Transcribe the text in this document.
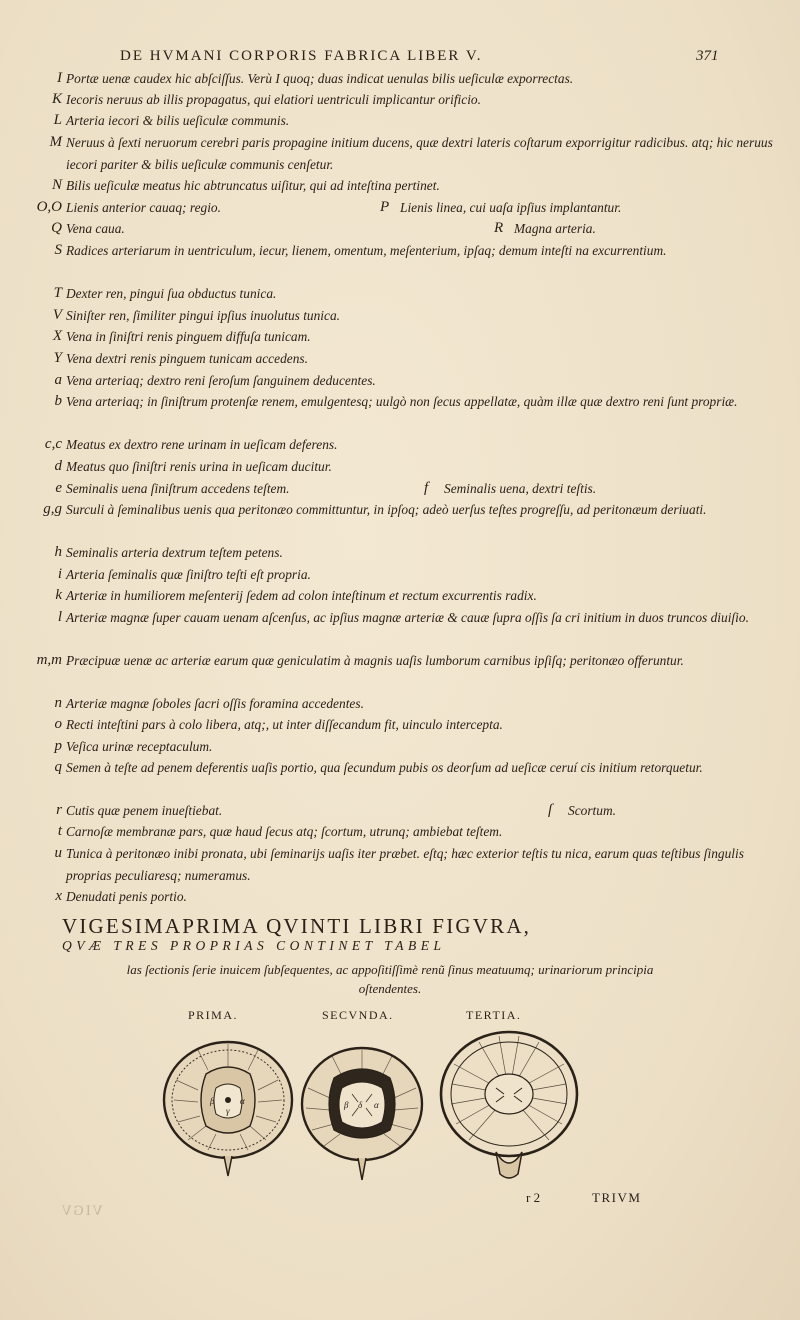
DE HVMANI CORPORIS FABRICA LIBER V.	371
I Portæ uenæ caudex hic abſciſſus. Verù I quoq; duas indicat uenulas bilis ueſiculæ exporrectas.
K Iecoris neruus ab illis propagatus, qui elatiori uentriculi implicantur orificio.
L Arteria iecori & bilis ueſiculæ communis.
M Neruus à ſexti neruorum cerebri paris propagine initium ducens, quæ dextri lateris coſtarum exporrigitur radicibus. atq; hic neruus iecori pariter & bilis ueſiculæ communis cenſetur.
N Bilis ueſiculæ meatus hic abtruncatus uiſitur, qui ad inteſtina pertinet.
O,O Lienis anterior cauaq; regio.	P Lienis linea, cui uaſa ipſius implantantur.
Q Vena caua.	R Magna arteria.
S Radices arteriarum in uentriculum, iecur, lienem, omentum, meſenterium, ipſaq; demum inteſti na excurrentium.
T Dexter ren, pingui ſua obductus tunica.
V Siniſter ren, ſimiliter pingui ipſius inuolutus tunica.
X Vena in ſiniſtri renis pinguem diffuſa tunicam.
Y Vena dextri renis pinguem tunicam accedens.
a Vena arteriaq; dextro reni ſeroſum ſanguinem deducentes.
b Vena arteriaq; in ſiniſtrum protenſæ renem, emulgentesq; uulgò non ſecus appellatæ, quàm illæ quæ dextro reni ſunt propriæ.
c,c Meatus ex dextro rene urinam in ueſicam deferens.
d Meatus quo ſiniſtri renis urina in ueſicam ducitur.
e Seminalis uena ſiniſtrum accedens teſtem.	f Seminalis uena, dextri teſtis.
g,g Surculi à ſeminalibus uenis qua peritonæo committuntur, in ipſoq; adeò uerſus teſtes progreſſu, ad peritonæum deriuati.
h Seminalis arteria dextrum teſtem petens.
i Arteria ſeminalis quæ ſiniſtro teſti eſt propria.
k Arteriæ in humiliorem meſenterij ſedem ad colon inteſtinum et rectum excurrentis radix.
l Arteriæ magnæ ſuper cauam uenam aſcenſus, ac ipſius magnæ arteriæ & cauæ ſupra oſſis ſa cri initium in duos truncos diuiſio.
m,m Præcipuæ uenæ ac arteriæ earum quæ geniculatim à magnis uaſis lumborum carnibus ipſiſq; peritonæo offeruntur.
n Arteriæ magnæ ſoboles ſacri oſſis foramina accedentes.
o Recti inteſtini pars à colo libera, atq;, ut inter diſſecandum fit, uinculo intercepta.
p Veſica urinæ receptaculum.
q Semen à teſte ad penem deferentis uaſis portio, qua ſecundum pubis os deorſum ad ueſicæ ceruí cis initium retorquetur.
r Cutis quæ penem inueſtiebat.	ſ Scortum.
t Carnoſæ membranæ pars, quæ haud ſecus atq; ſcortum, utrunq; ambiebat teſtem.
u Tunica à peritonæo inibi pronata, ubi ſeminarijs uaſis iter præbet. eſtq; hæc exterior teſtis tu nica, earum quas teſtibus ſingulis proprias peculiaresq; numeramus.
x Denudati penis portio.
VIGESIMAPRIMA QVINTI LIBRI FIGVRA,
QVÆ TRES PROPRIAS CONTINET TABEL
las ſectionis ſerie inuicem ſubſequentes, ac appoſitiſſimè renũ ſinus meatuumq; urinariorum principia oſtendentes.
PRIMA.	SECVNDA.	TERTIA.
β
γ
α	β δ α
r 2	TRIVM
VIGV
